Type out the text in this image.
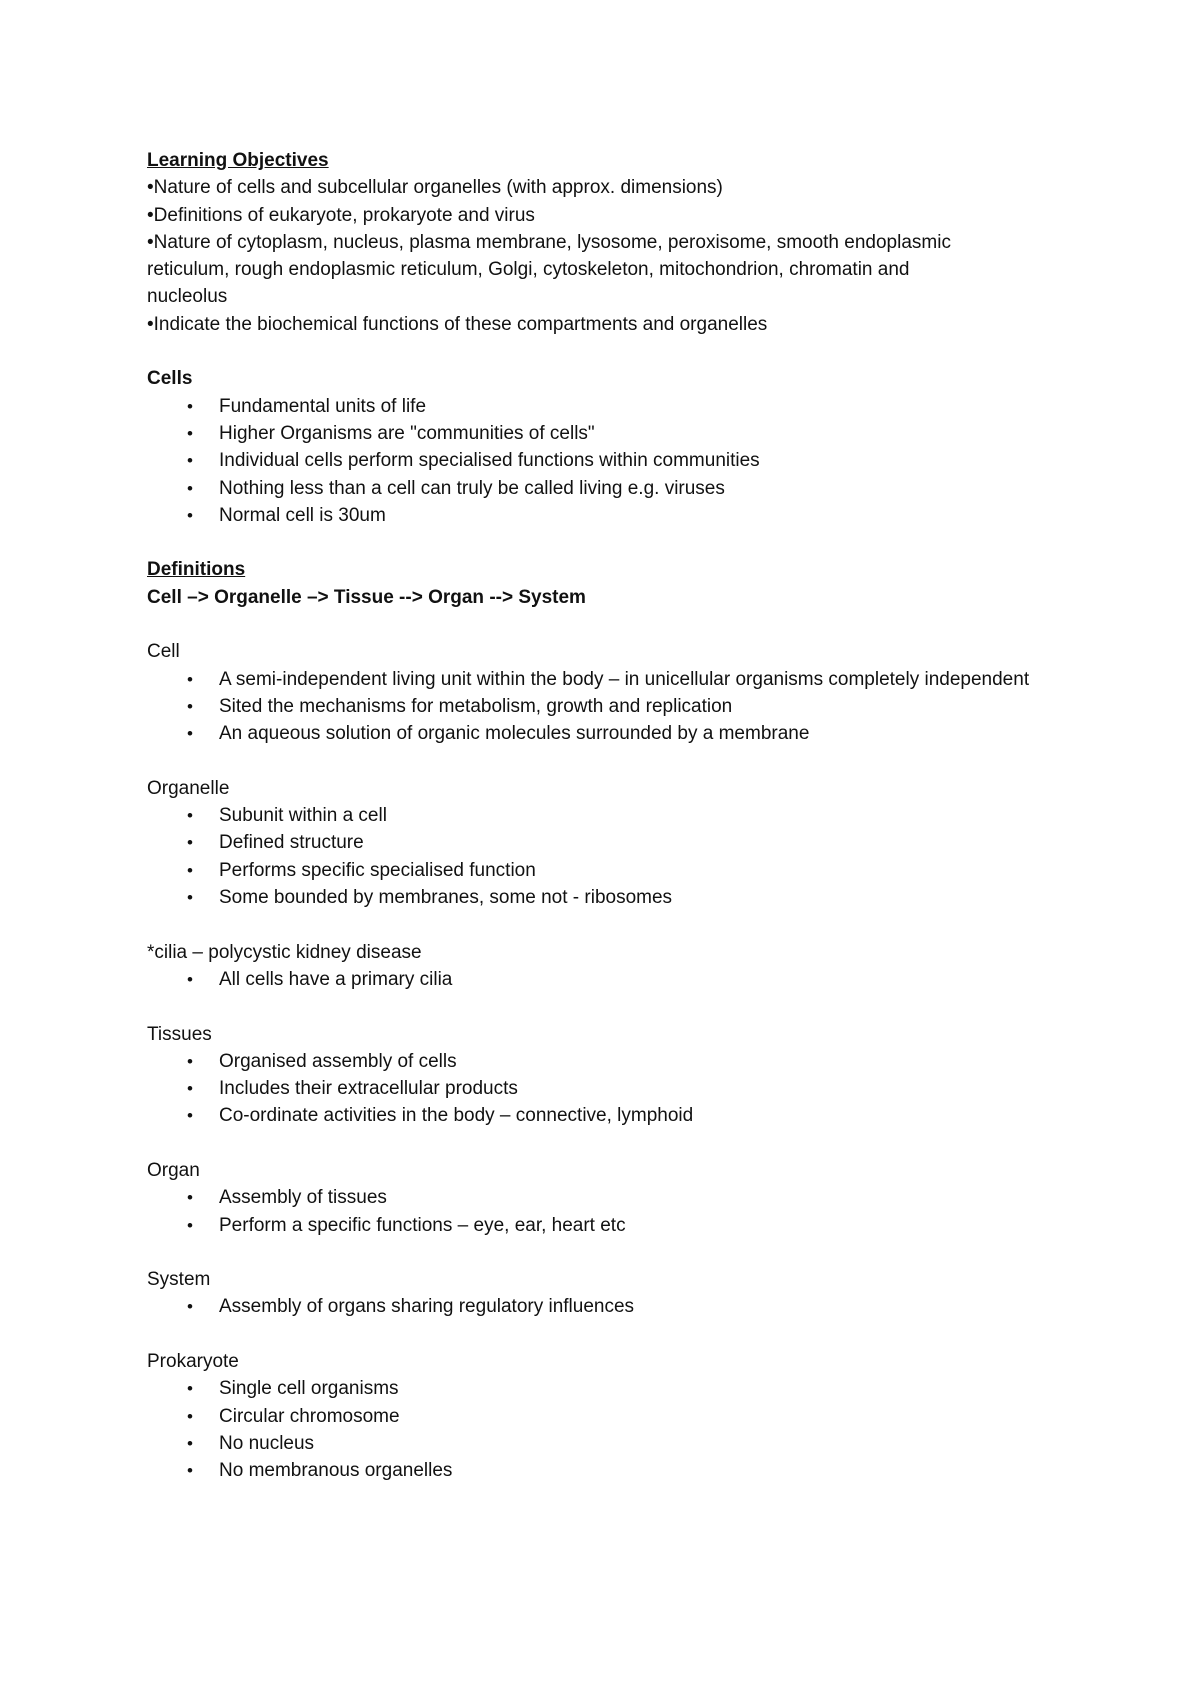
Learning Objectives
•Nature of cells and subcellular organelles (with approx. dimensions)
•Definitions of eukaryote, prokaryote and virus
•Nature of cytoplasm, nucleus, plasma membrane, lysosome, peroxisome, smooth endoplasmic reticulum, rough endoplasmic reticulum, Golgi, cytoskeleton, mitochondrion, chromatin and nucleolus
•Indicate the biochemical functions of these compartments and organelles
Cells
• Fundamental units of life
• Higher Organisms are "communities of cells"
• Individual cells perform specialised functions within communities
• Nothing less than a cell can truly be called living e.g. viruses
• Normal cell is 30um
Definitions
Cell –> Organelle –> Tissue --> Organ --> System
Cell
• A semi-independent living unit within the body – in unicellular organisms completely independent
• Sited the mechanisms for metabolism, growth and replication
• An aqueous solution of organic molecules surrounded by a membrane
Organelle
• Subunit within a cell
• Defined structure
• Performs specific specialised function
• Some bounded by membranes, some not - ribosomes
*cilia – polycystic kidney disease
• All cells have a primary cilia
Tissues
• Organised assembly of cells
• Includes their extracellular products
• Co-ordinate activities in the body – connective, lymphoid
Organ
• Assembly of tissues
• Perform a specific functions – eye, ear, heart etc
System
• Assembly of organs sharing regulatory influences
Prokaryote
• Single cell organisms
• Circular chromosome
• No nucleus
• No membranous organelles
